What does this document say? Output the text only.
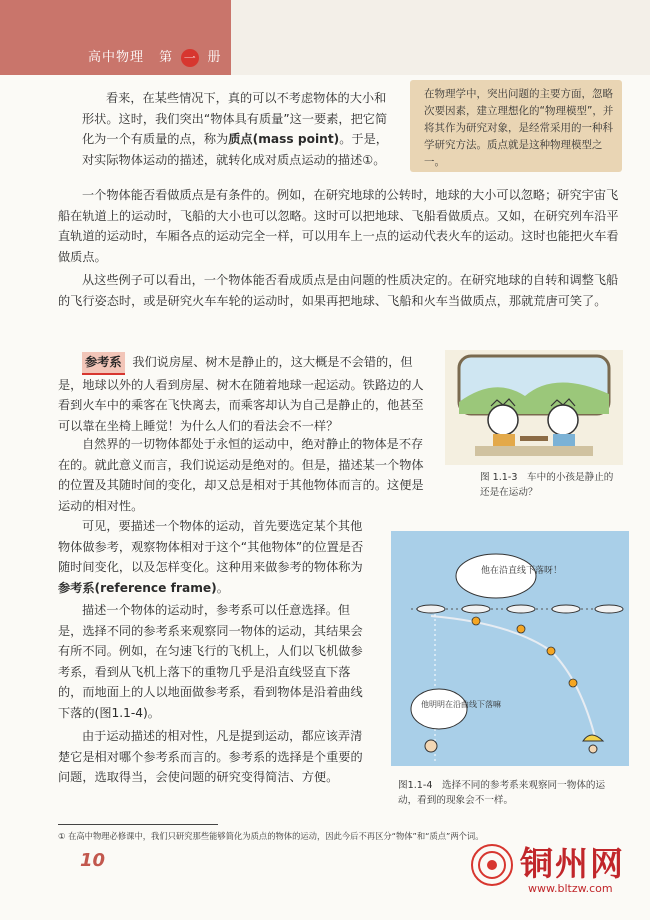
高中物理 第 一 册
看来，在某些情况下，真的可以不考虑物体的大小和形状。这时，我们突出“物体具有质量”这一要素，把它简化为一个有质量的点，称为质点(mass point)。于是，对实际物体运动的描述，就转化成对质点运动的描述①。
在物理学中，突出问题的主要方面，忽略次要因素，建立理想化的“物理模型”，并将其作为研究对象，是经常采用的一种科学研究方法。质点就是这种物理模型之一。
一个物体能否看做质点是有条件的。例如，在研究地球的公转时，地球的大小可以忽略；研究宇宙飞船在轨道上的运动时，飞船的大小也可以忽略。这时可以把地球、飞船看做质点。又如，在研究列车沿平直轨道的运动时，车厢各点的运动完全一样，可以用车上一点的运动代表火车的运动。这时也能把火车看做质点。
从这些例子可以看出，一个物体能否看成质点是由问题的性质决定的。在研究地球的自转和调整飞船的飞行姿态时，或是研究火车车轮的运动时，如果再把地球、飞船和火车当做质点，那就荒唐可笑了。
参考系 我们说房屋、树木是静止的，这大概是不会错的，但是，地球以外的人看到房屋、树木在随着地球一起运动。铁路边的人看到火车中的乘客在飞快离去，而乘客却认为自己是静止的，他甚至可以靠在坐椅上睡觉！为什么人们的看法会不一样？
自然界的一切物体都处于永恒的运动中，绝对静止的物体是不存在的。就此意义而言，我们说运动是绝对的。但是，描述某一个物体的位置及其随时间的变化，却又总是相对于其他物体而言的。这便是运动的相对性。
可见，要描述一个物体的运动，首先要选定某个其他物体做参考，观察物体相对于这个“其他物体”的位置是否随时间变化，以及怎样变化。这种用来做参考的物体称为参考系(reference frame)。
描述一个物体的运动时，参考系可以任意选择。但是，选择不同的参考系来观察同一物体的运动，其结果会有所不同。例如，在匀速飞行的飞机上，人们以飞机做参考系，看到从飞机上落下的重物几乎是沿直线竖直下落的，而地面上的人以地面做参考系，看到物体是沿着曲线下落的(图1.1-4)。
由于运动描述的相对性，凡是提到运动，都应该弄清楚它是相对哪个参考系而言的。参考系的选择是个重要的问题，选取得当，会使问题的研究变得简洁、方便。
图 1.1-3　车中的小孩是静止的还是在运动？
他在沿直线下落呀！
他明明在沿曲线下落嘛
图1.1-4　选择不同的参考系来观察同一物体的运动，看到的现象会不一样。
① 在高中物理必修课中，我们只研究那些能够简化为质点的物体的运动，因此今后不再区分“物体”和“质点”两个词。
10	铜州网
www.bltzw.com
